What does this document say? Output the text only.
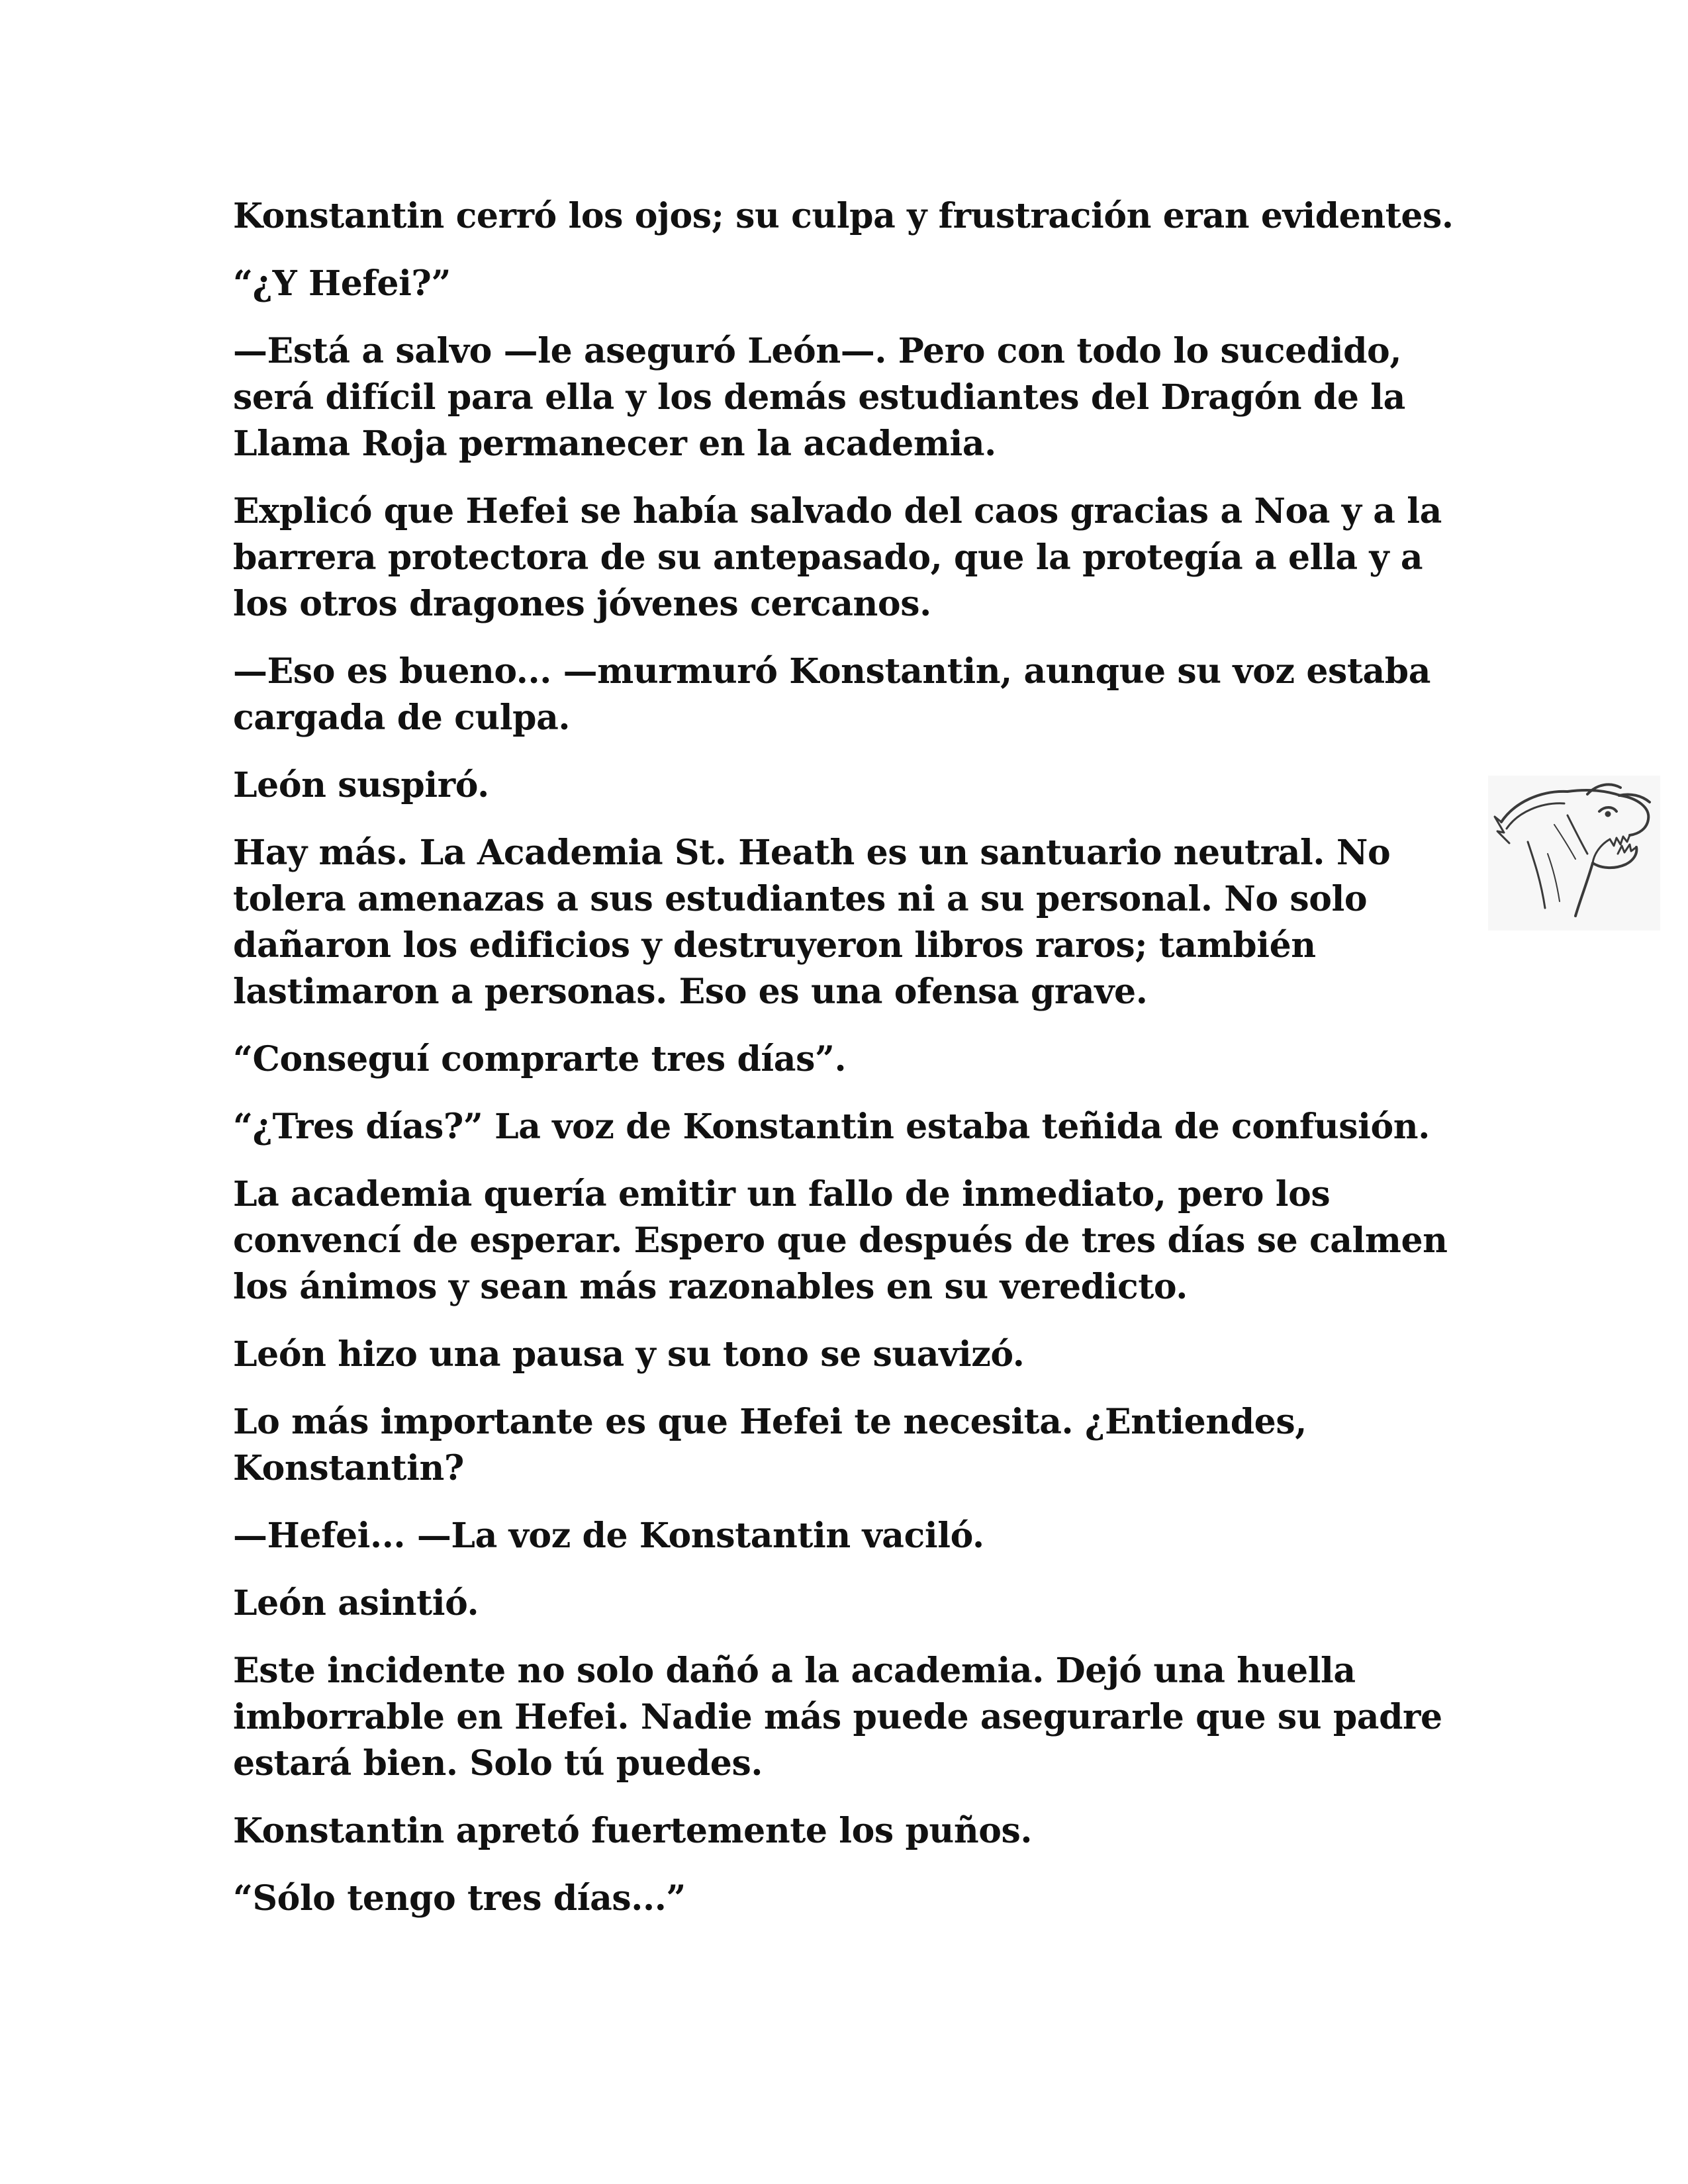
Konstantin cerró los ojos; su culpa y frustración eran evidentes.

“¿Y Hefei?”

—Está a salvo —le aseguró León—. Pero con todo lo sucedido, será difícil para ella y los demás estudiantes del Dragón de la Llama Roja permanecer en la academia.

Explicó que Hefei se había salvado del caos gracias a Noa y a la barrera protectora de su antepasado, que la protegía a ella y a los otros dragones jóvenes cercanos.

—Eso es bueno... —murmuró Konstantin, aunque su voz estaba cargada de culpa.

León suspiró.

Hay más. La Academia St. Heath es un santuario neutral. No tolera amenazas a sus estudiantes ni a su personal. No solo dañaron los edificios y destruyeron libros raros; también lastimaron a personas. Eso es una ofensa grave.

“Conseguí comprarte tres días”.

“¿Tres días?” La voz de Konstantin estaba teñida de confusión.

La academia quería emitir un fallo de inmediato, pero los convencí de esperar. Espero que después de tres días se calmen los ánimos y sean más razonables en su veredicto.

León hizo una pausa y su tono se suavizó.

Lo más importante es que Hefei te necesita. ¿Entiendes, Konstantin?

—Hefei... —La voz de Konstantin vaciló.

León asintió.

Este incidente no solo dañó a la academia. Dejó una huella imborrable en Hefei. Nadie más puede asegurarle que su padre estará bien. Solo tú puedes.

Konstantin apretó fuertemente los puños.

“Sólo tengo tres días...”
